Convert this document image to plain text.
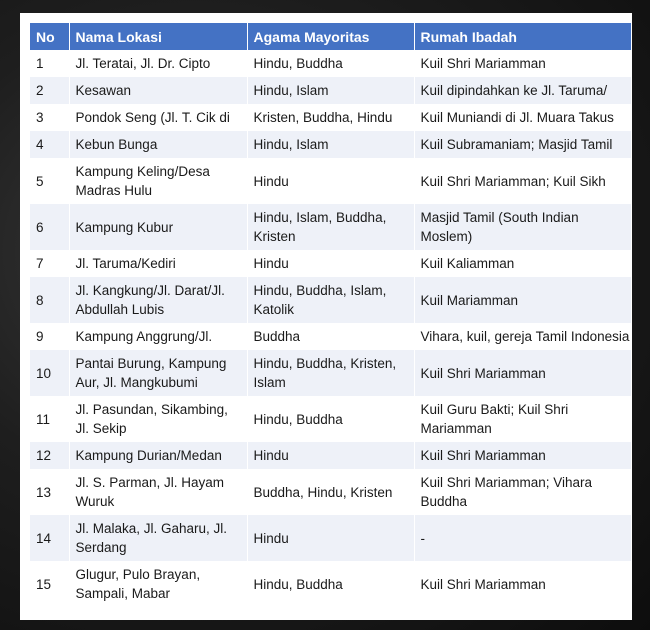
No	Nama Lokasi	Agama Mayoritas	Rumah Ibadah
1	Jl. Teratai, Jl. Dr. Cipto	Hindu, Buddha	Kuil Shri Mariamman
2	Kesawan	Hindu, Islam	Kuil dipindahkan ke Jl. Taruma/
3	Pondok Seng (Jl. T. Cik di	Kristen, Buddha, Hindu	Kuil Muniandi di Jl. Muara Takus
4	Kebun Bunga	Hindu, Islam	Kuil Subramaniam; Masjid Tamil
5	Kampung Keling/Desa Madras Hulu	Hindu	Kuil Shri Mariamman; Kuil Sikh
6	Kampung Kubur	Hindu, Islam, Buddha, Kristen	Masjid Tamil (South Indian Moslem)
7	Jl. Taruma/Kediri	Hindu	Kuil Kaliamman
8	Jl. Kangkung/Jl. Darat/Jl. Abdullah Lubis	Hindu, Buddha, Islam, Katolik	Kuil Mariamman
9	Kampung Anggrung/Jl.	Buddha	Vihara, kuil, gereja Tamil Indonesia
10	Pantai Burung, Kampung Aur, Jl. Mangkubumi	Hindu, Buddha, Kristen, Islam	Kuil Shri Mariamman
11	Jl. Pasundan, Sikambing, Jl. Sekip	Hindu, Buddha	Kuil Guru Bakti; Kuil Shri Mariamman
12	Kampung Durian/Medan	Hindu	Kuil Shri Mariamman
13	Jl. S. Parman, Jl. Hayam Wuruk	Buddha, Hindu, Kristen	Kuil Shri Mariamman; Vihara Buddha
14	Jl. Malaka, Jl. Gaharu, Jl. Serdang	Hindu	-
15	Glugur, Pulo Brayan, Sampali, Mabar	Hindu, Buddha	Kuil Shri Mariamman
